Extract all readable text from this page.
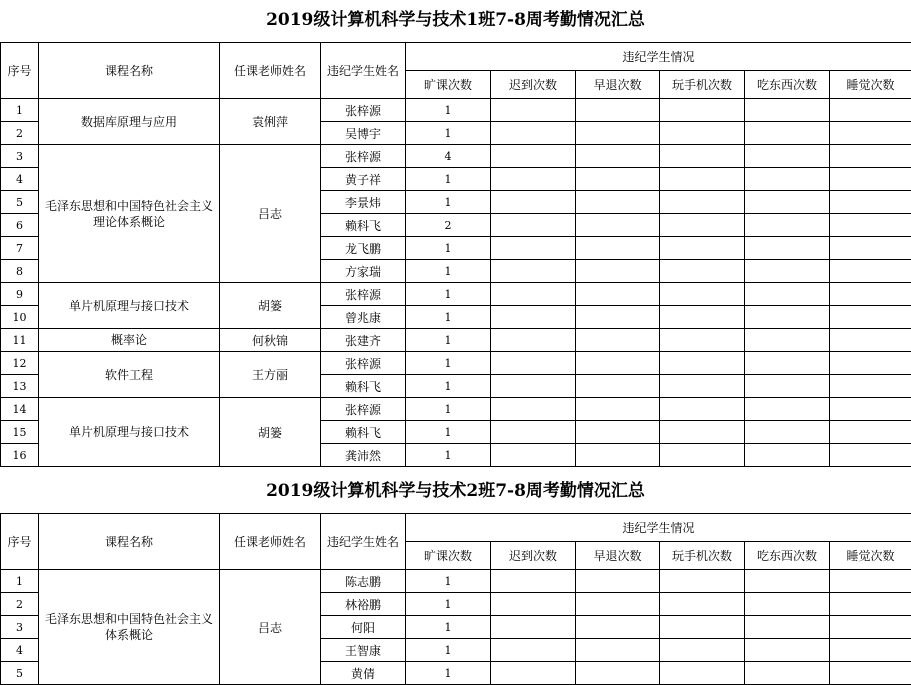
2019级计算机科学与技术1班7-8周考勤情况汇总
序号	课程名称	任课老师姓名	违纪学生姓名	违纪学生情况					
				旷课次数	迟到次数	早退次数	玩手机次数	吃东西次数	睡觉次数
1	数据库原理与应用	袁俐萍	张梓源	1					
2			吴博宇	1					
3	毛泽东思想和中国特色社会主义理论体系概论	吕志	张梓源	4					
4			黄子祥	1					
5			李景炜	1					
6			赖科飞	2					
7			龙飞鹏	1					
8			方家瑞	1					
9	单片机原理与接口技术	胡篓	张梓源	1					
10			曾兆康	1					
11	概率论	何秋锦	张建齐	1					
12	软件工程	王方丽	张梓源	1					
13			赖科飞	1					
14	单片机原理与接口技术	胡篓	张梓源	1					
15			赖科飞	1					
16			龚沛然	1					
2019级计算机科学与技术2班7-8周考勤情况汇总
序号	课程名称	任课老师姓名	违纪学生姓名	违纪学生情况					
				旷课次数	迟到次数	早退次数	玩手机次数	吃东西次数	睡觉次数
1	毛泽东思想和中国特色社会主义体系概论	吕志	陈志鹏	1					
2			林裕鹏	1					
3			何阳	1					
4			王智康	1					
5			黄倩	1					
